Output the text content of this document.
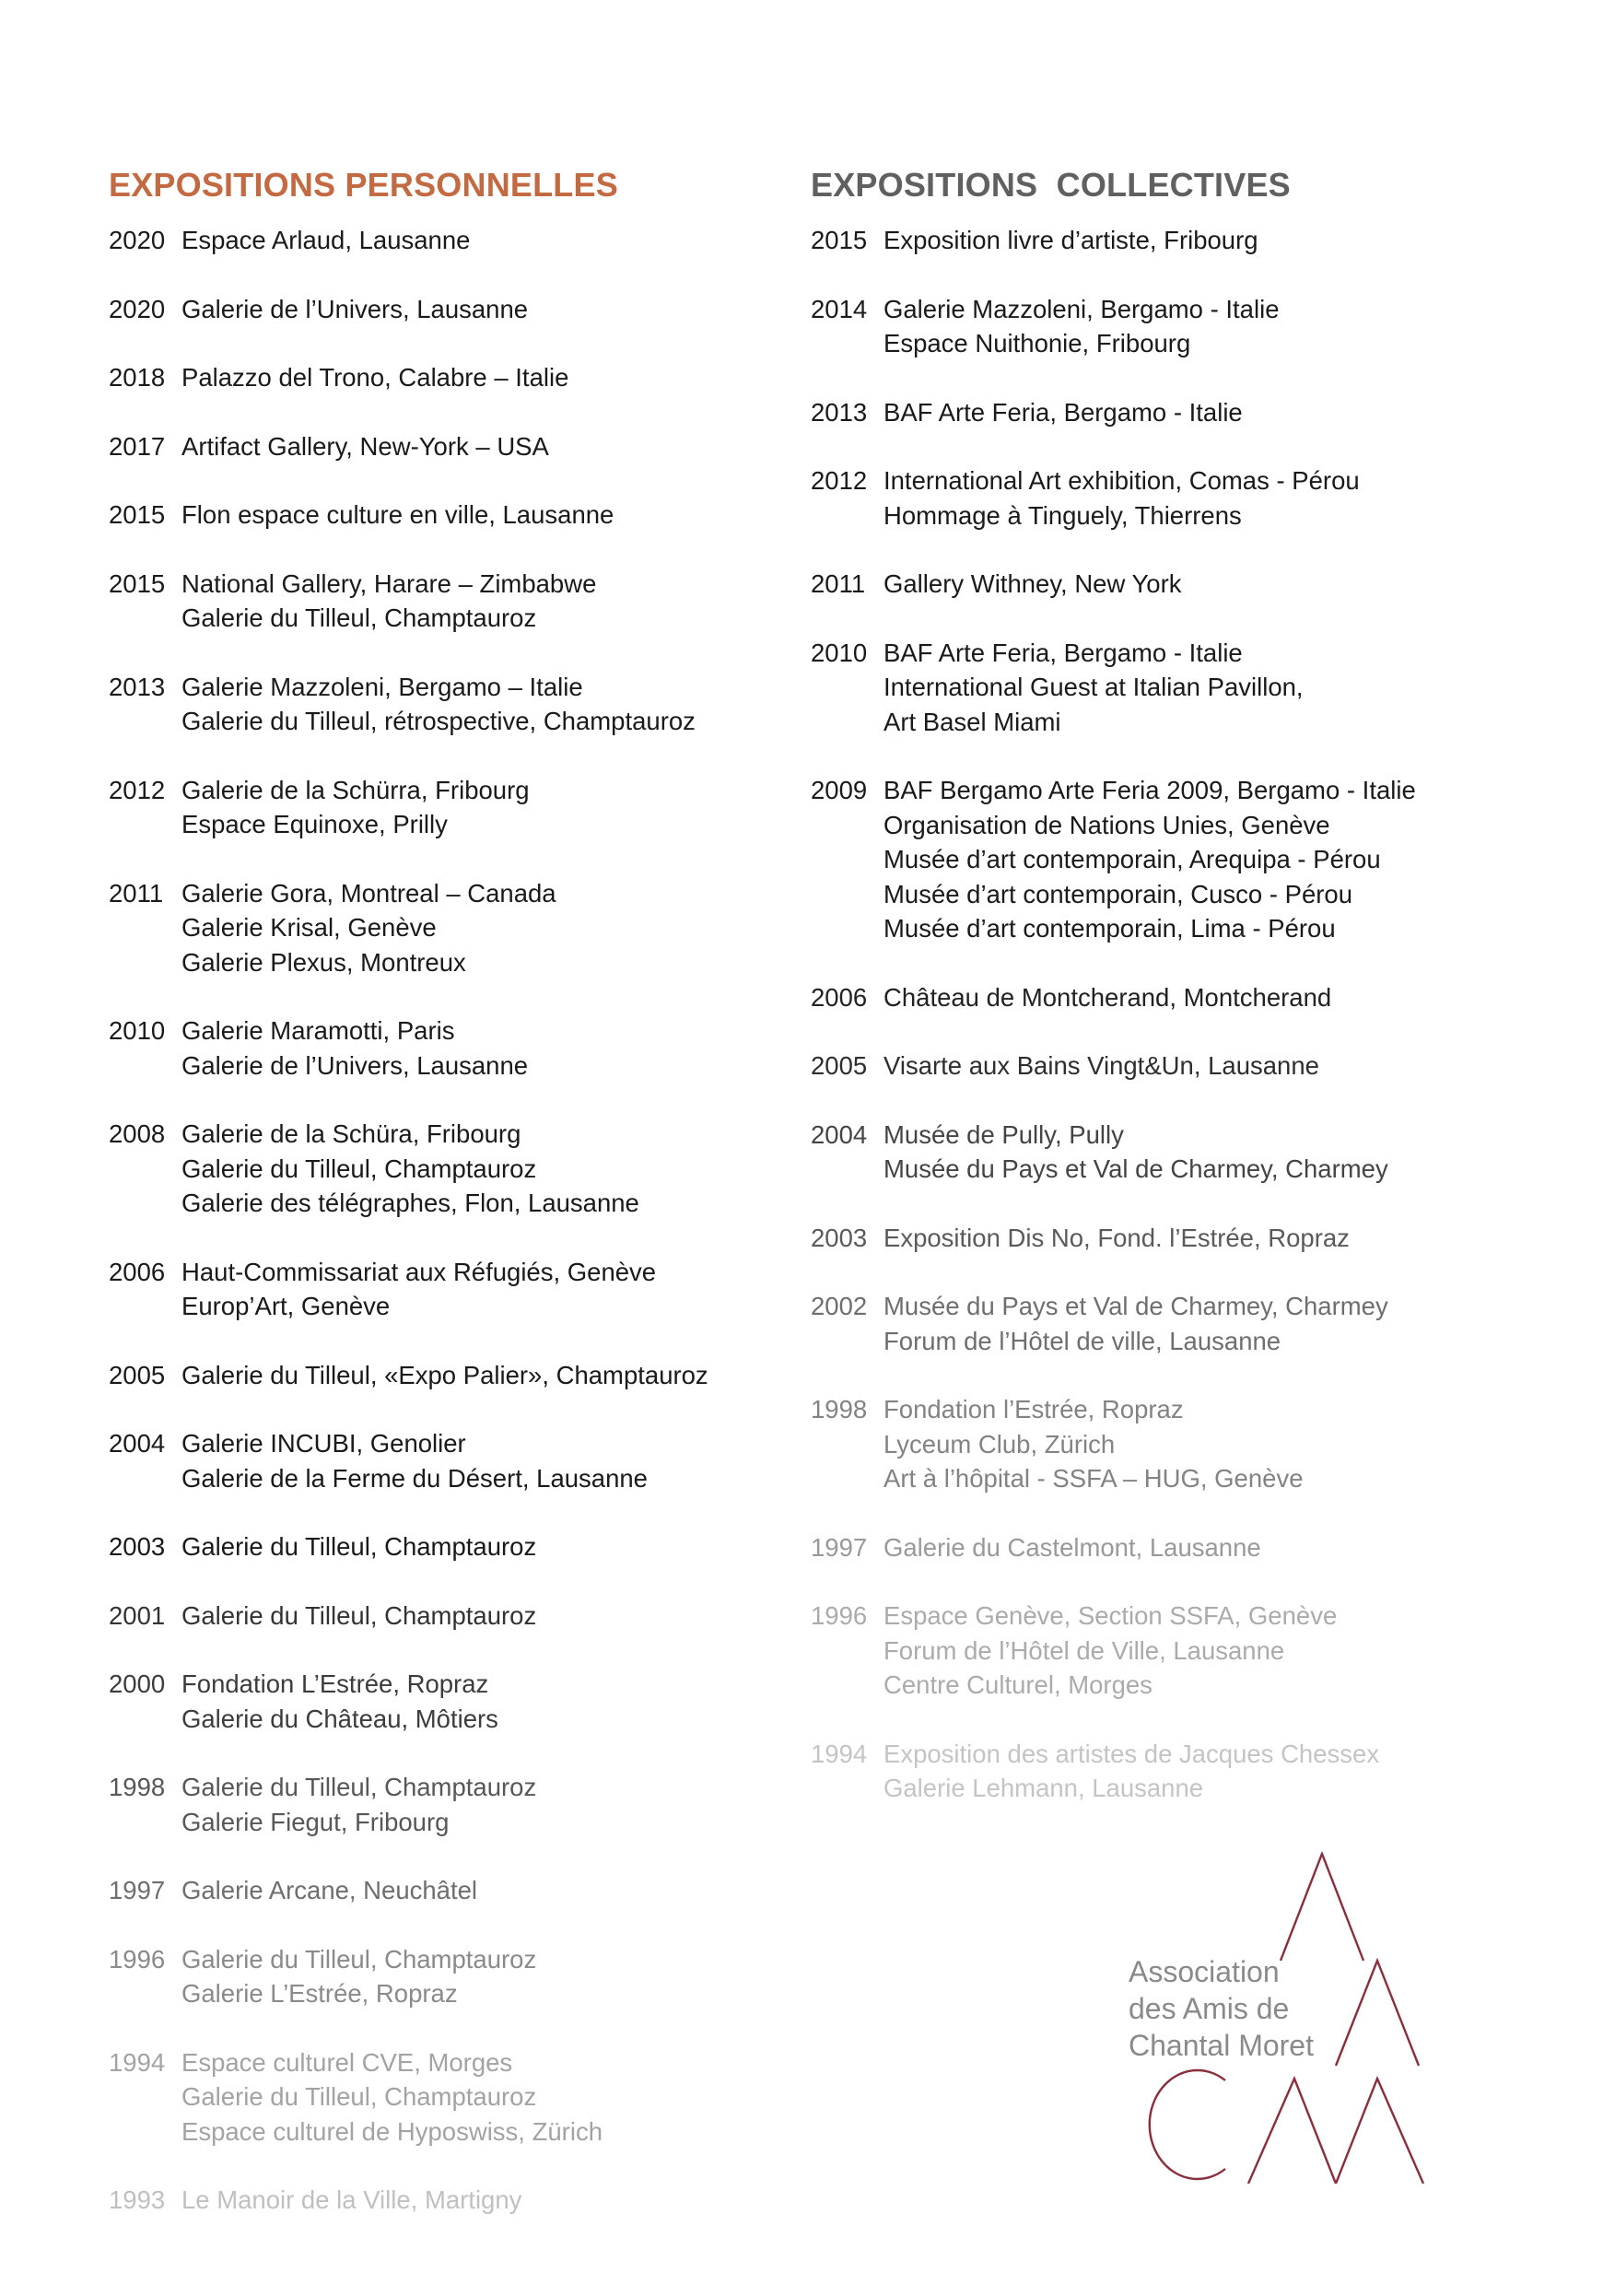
EXPOSITIONS PERSONNELLES
2020 Espace Arlaud, Lausanne
2020 Galerie de l’Univers, Lausanne
2018 Palazzo del Trono, Calabre – Italie
2017 Artifact Gallery, New-York – USA
2015 Flon espace culture en ville, Lausanne
2015 National Gallery, Harare – Zimbabwe
Galerie du Tilleul, Champtauroz
2013 Galerie Mazzoleni, Bergamo – Italie
Galerie du Tilleul, rétrospective, Champtauroz
2012 Galerie de la Schürra, Fribourg
Espace Equinoxe, Prilly
2011 Galerie Gora, Montreal – Canada
Galerie Krisal, Genève
Galerie Plexus, Montreux
2010 Galerie Maramotti, Paris
Galerie de l’Univers, Lausanne
2008 Galerie de la Schüra, Fribourg
Galerie du Tilleul, Champtauroz
Galerie des télégraphes, Flon, Lausanne
2006 Haut-Commissariat aux Réfugiés, Genève
Europ’Art, Genève
2005 Galerie du Tilleul, «Expo Palier», Champtauroz
2004 Galerie INCUBI, Genolier
Galerie de la Ferme du Désert, Lausanne
2003 Galerie du Tilleul, Champtauroz
2001 Galerie du Tilleul, Champtauroz
2000 Fondation L’Estrée, Ropraz
Galerie du Château, Môtiers
1998 Galerie du Tilleul, Champtauroz
Galerie Fiegut, Fribourg
1997 Galerie Arcane, Neuchâtel
1996 Galerie du Tilleul, Champtauroz
Galerie L’Estrée, Ropraz
1994 Espace culturel CVE, Morges
Galerie du Tilleul, Champtauroz
Espace culturel de Hyposwiss, Zürich
1993 Le Manoir de la Ville, Martigny
EXPOSITIONS  COLLECTIVES
2015 Exposition livre d’artiste, Fribourg
2014 Galerie Mazzoleni, Bergamo - Italie
Espace Nuithonie, Fribourg
2013 BAF Arte Feria, Bergamo - Italie
2012 International Art exhibition, Comas - Pérou
Hommage à Tinguely, Thierrens
2011 Gallery Withney, New York
2010 BAF Arte Feria, Bergamo - Italie
International Guest at Italian Pavillon,
Art Basel Miami
2009 BAF Bergamo Arte Feria 2009, Bergamo - Italie
Organisation de Nations Unies, Genève
Musée d’art contemporain, Arequipa - Pérou
Musée d’art contemporain, Cusco - Pérou
Musée d’art contemporain, Lima - Pérou
2006 Château de Montcherand, Montcherand
2005 Visarte aux Bains Vingt&Un, Lausanne
2004 Musée de Pully, Pully
Musée du Pays et Val de Charmey, Charmey
2003 Exposition Dis No, Fond. l’Estrée, Ropraz
2002 Musée du Pays et Val de Charmey, Charmey
Forum de l’Hôtel de ville, Lausanne
1998 Fondation l’Estrée, Ropraz
Lyceum Club, Zürich
Art à l’hôpital - SSFA – HUG, Genève
1997 Galerie du Castelmont, Lausanne
1996 Espace Genève, Section SSFA, Genève
Forum de l’Hôtel de Ville, Lausanne
Centre Culturel, Morges
1994 Exposition des artistes de Jacques Chessex
Galerie Lehmann, Lausanne
Association
des Amis de
Chantal Moret
